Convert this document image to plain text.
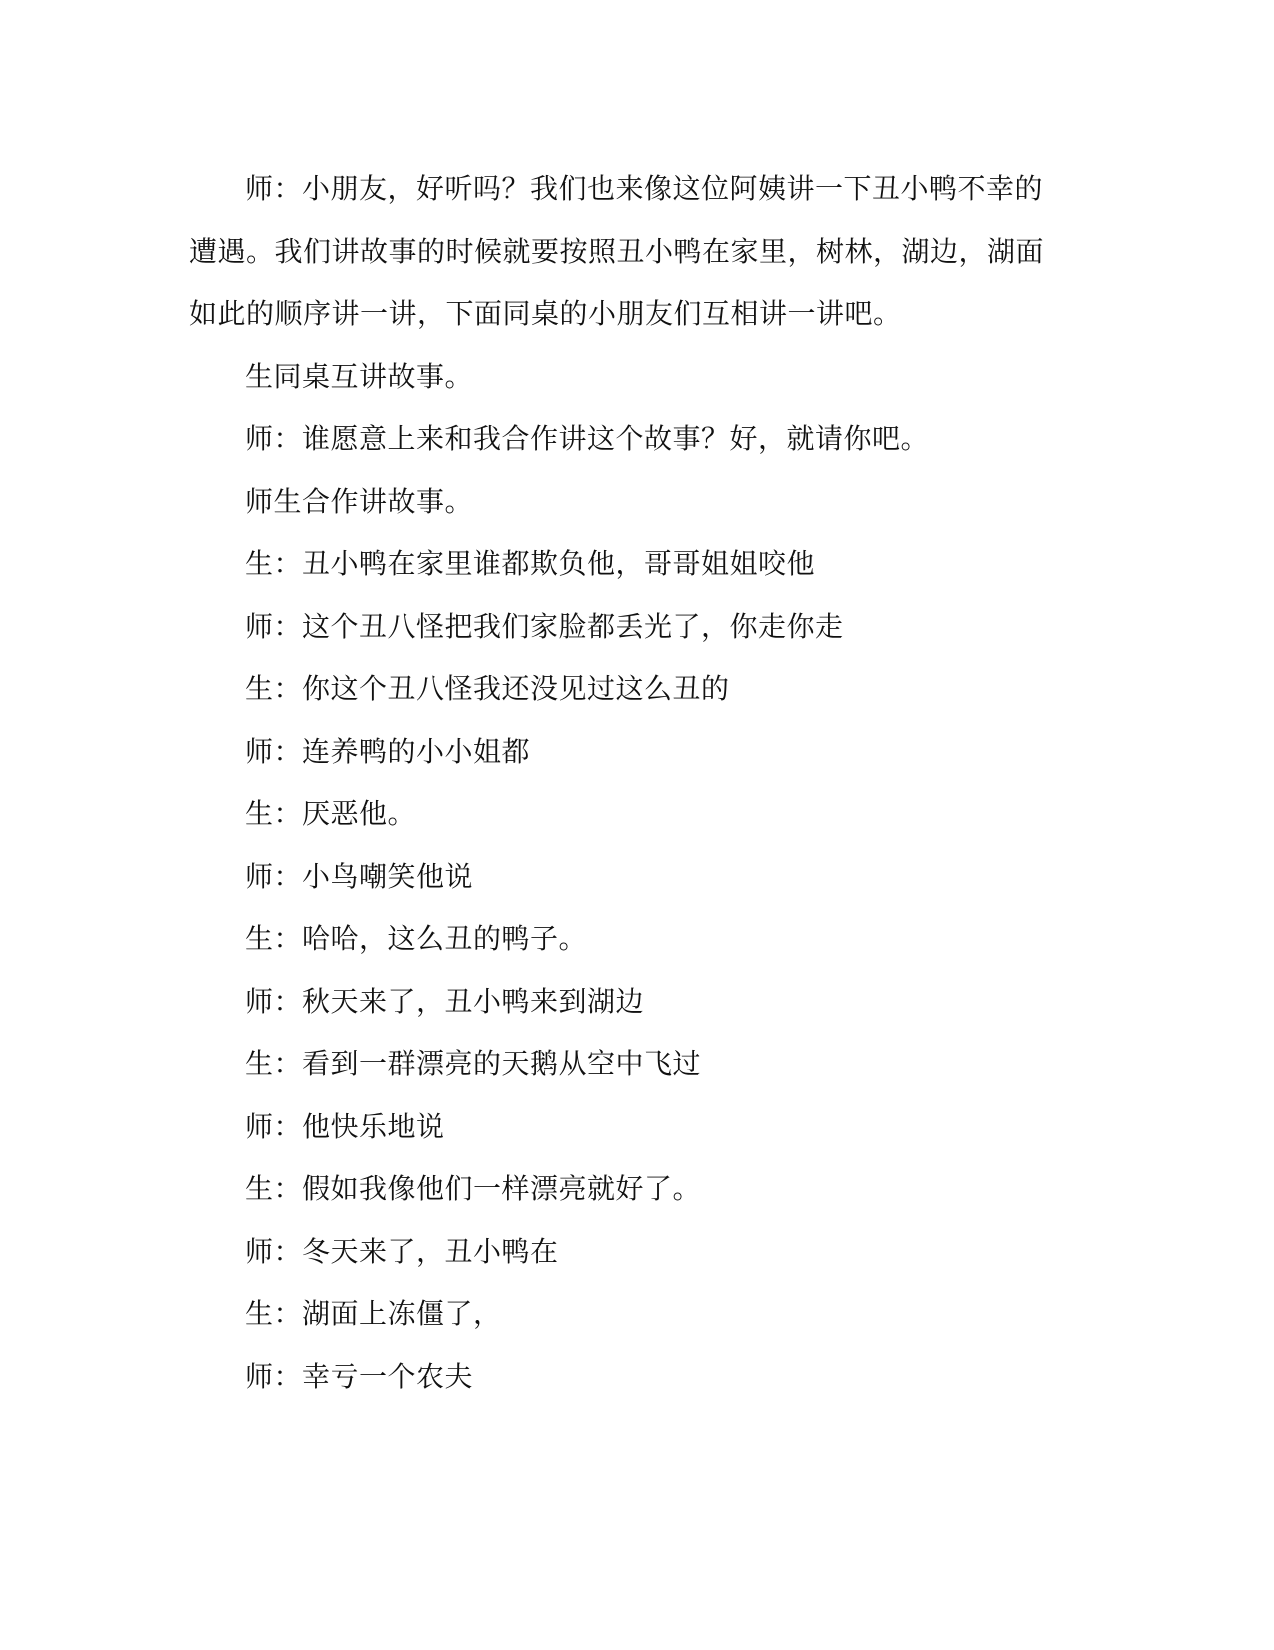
师：小朋友，好听吗？我们也来像这位阿姨讲一下丑小鸭不幸的遭遇。我们讲故事的时候就要按照丑小鸭在家里，树林，湖边，湖面如此的顺序讲一讲，下面同桌的小朋友们互相讲一讲吧。

生同桌互讲故事。

师：谁愿意上来和我合作讲这个故事？好，就请你吧。

师生合作讲故事。

生：丑小鸭在家里谁都欺负他，哥哥姐姐咬他

师：这个丑八怪把我们家脸都丢光了，你走你走

生：你这个丑八怪我还没见过这么丑的

师：连养鸭的小小姐都

生：厌恶他。

师：小鸟嘲笑他说

生：哈哈，这么丑的鸭子。

师：秋天来了，丑小鸭来到湖边

生：看到一群漂亮的天鹅从空中飞过

师：他快乐地说

生：假如我像他们一样漂亮就好了。

师：冬天来了，丑小鸭在

生：湖面上冻僵了，

师：幸亏一个农夫
